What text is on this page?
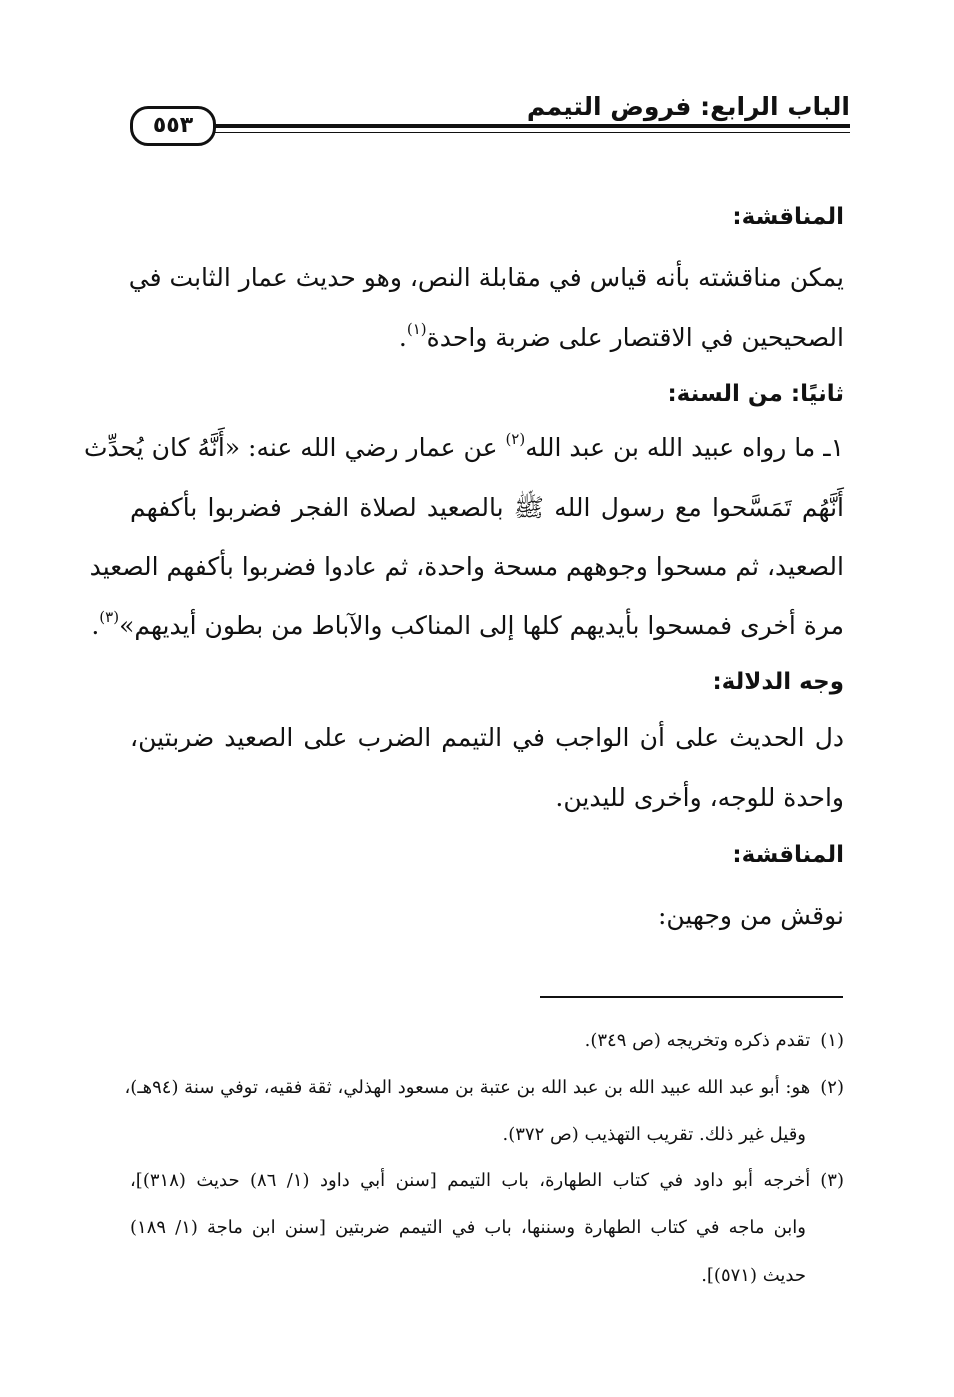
الباب الرابع: فروض التيمم
٥٥٣
المناقشة:
يمكن مناقشته بأنه قياس في مقابلة النص، وهو حديث عمار الثابت في
الصحيحين في الاقتصار على ضربة واحدة$^{(١)}$.
ثانيًا: من السنة:
١ـ ما رواه عبيد الله بن عبد الله$^{(٢)}$ عن عمار رضي الله عنه: «أَنَّهُ كان يُحدِّث
أَنَّهُم تَمَسَّحوا مع رسول الله ﷺ بالصعيد لصلاة الفجر فضربوا بأكفهم
الصعيد، ثم مسحوا وجوههم مسحة واحدة، ثم عادوا فضربوا بأكفهم الصعيد
مرة أخرى فمسحوا بأيديهم كلها إلى المناكب والآباط من بطون أيديهم»$^{(٣)}$.
وجه الدلالة:
دل الحديث على أن الواجب في التيمم الضرب على الصعيد ضربتين،
واحدة للوجه، وأخرى لليدين.
المناقشة:
نوقش من وجهين:
(١)تقدم ذكره وتخريجه (ص ٣٤٩).
(٢)هو: أبو عبد الله عبيد الله بن عبد الله بن عتبة بن مسعود الهذلي، ثقة فقيه، توفي سنة (٩٤هـ)،
وقيل غير ذلك. تقريب التهذيب (ص ٣٧٢).
(٣)أخرجه أبو داود في كتاب الطهارة، باب التيمم [سنن أبي داود (١/ ٨٦) حديث (٣١٨)]،
وابن ماجه في كتاب الطهارة وسننها، باب في التيمم ضربتين [سنن ابن ماجة (١/ ١٨٩)
حديث (٥٧١)].
